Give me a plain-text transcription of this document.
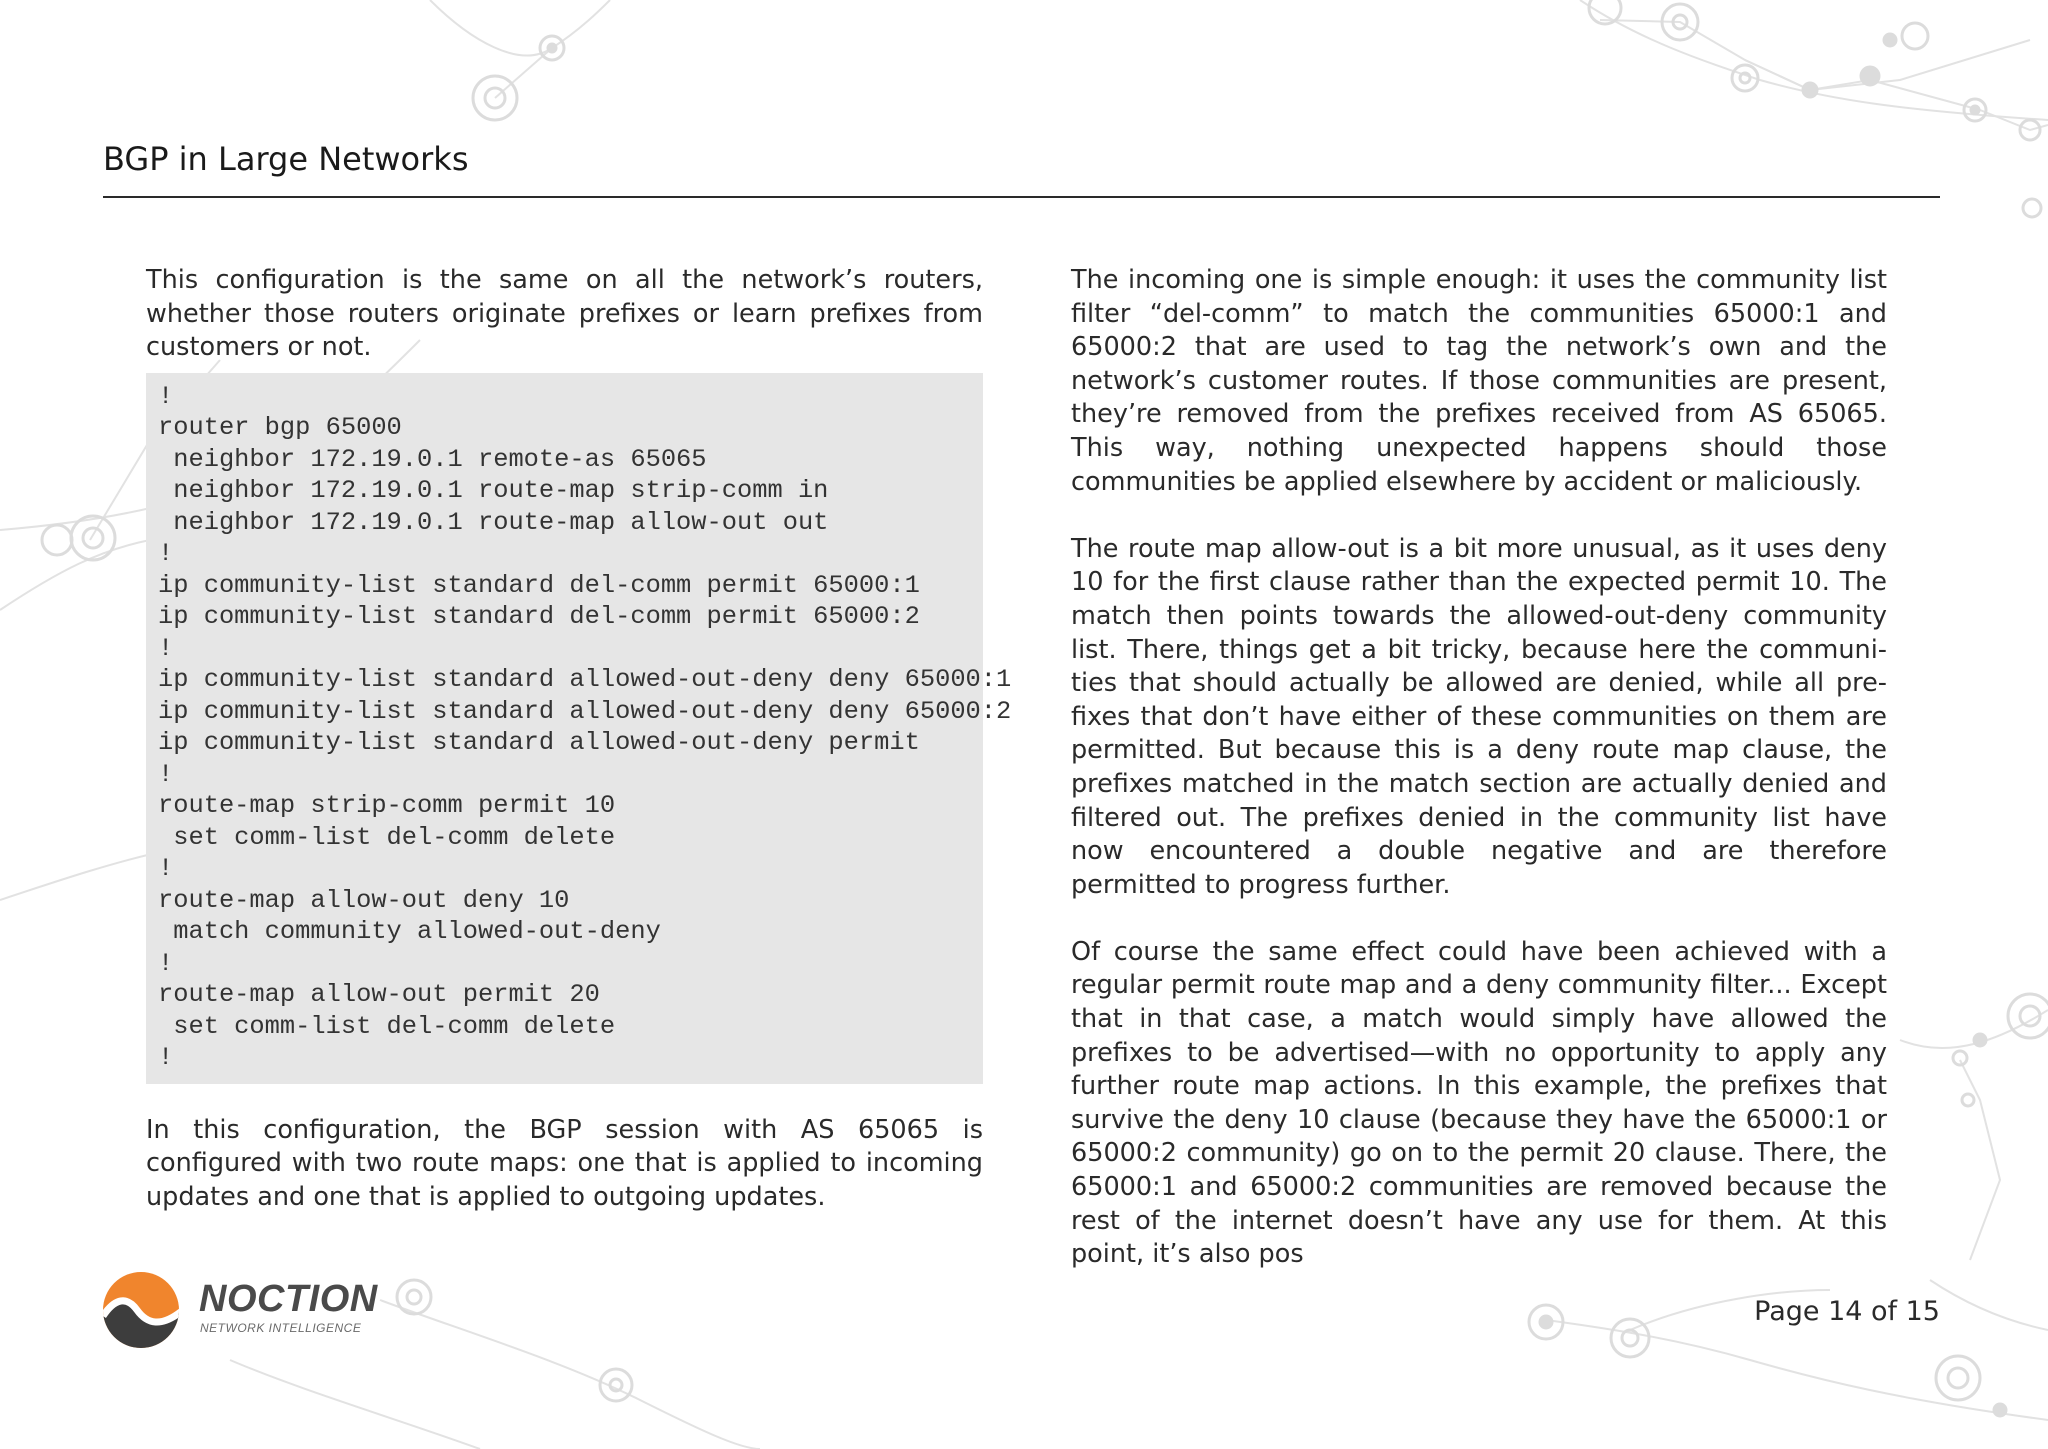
BGP in Large Networks

This configuration is the same on all the network’s routers, whether those routers originate prefixes or learn prefixes from customers or not.

!
router bgp 65000
neighbor 172.19.0.1 remote-as 65065
neighbor 172.19.0.1 route-map strip-comm in
neighbor 172.19.0.1 route-map allow-out out
!
ip community-list standard del-comm permit 65000:1
ip community-list standard del-comm permit 65000:2
!
ip community-list standard allowed-out-deny deny 65000:1
ip community-list standard allowed-out-deny deny 65000:2
ip community-list standard allowed-out-deny permit
!
route-map strip-comm permit 10
set comm-list del-comm delete
!
route-map allow-out deny 10
match community allowed-out-deny
!
route-map allow-out permit 20
set comm-list del-comm delete
!

In this configuration, the BGP session with AS 65065 is configured with two route maps: one that is applied to incoming updates and one that is applied to outgoing updates.

The incoming one is simple enough: it uses the community list filter “del-comm” to match the communities 65000:1 and 65000:2 that are used to tag the network’s own and the network’s customer routes. If those communities are present, they’re removed from the prefixes received from AS 65065. This way, nothing unexpected happens should those communities be applied elsewhere by accident or maliciously.

The route map allow-out is a bit more unusual, as it uses deny 10 for the first clause rather than the expected permit 10. The match then points towards the allowed-out-deny community list. There, things get a bit tricky, because here the communities that should actually be allowed are denied, while all prefixes that don’t have either of these communities on them are permitted. But because this is a deny route map clause, the prefixes matched in the match section are actually denied and filtered out. The prefixes denied in the community list have now encountered a double negative and are therefore permitted to progress further.

Of course the same effect could have been achieved with a regular permit route map and a deny community filter... Except that in that case, a match would simply have allowed the prefixes to be advertised—with no opportunity to apply any further route map actions. In this example, the prefixes that survive the deny 10 clause (because they have the 65000:1 or 65000:2 community) go on to the permit 20 clause. There, the 65000:1 and 65000:2 communities are removed because the rest of the internet doesn’t have any use for them. At this point, it’s also pos

NOCTION
NETWORK INTELLIGENCE
Page 14 of 15
